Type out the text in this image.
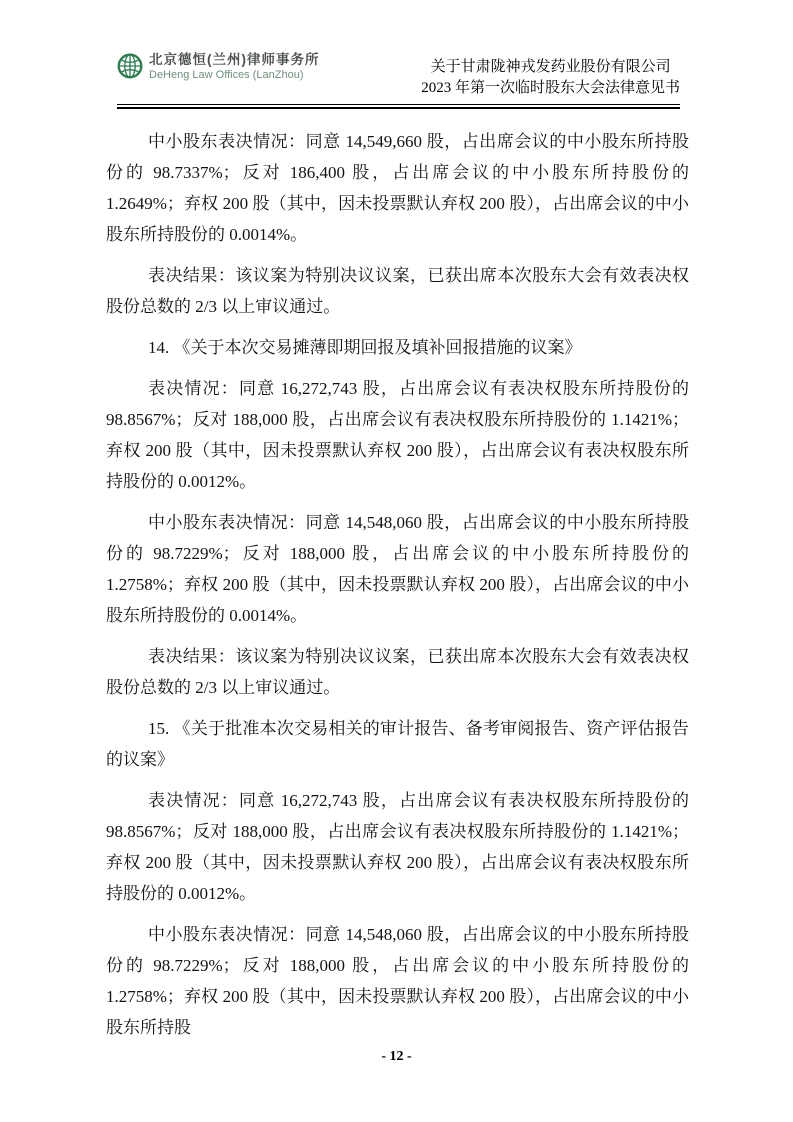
北京德恒(兰州)律师事务所
DeHeng Law Offices (LanZhou)	关于甘肃陇神戎发药业股份有限公司
2023 年第一次临时股东大会法律意见书

中小股东表决情况：同意 14,549,660 股，占出席会议的中小股东所持股份的 98.7337%；反对 186,400 股，占出席会议的中小股东所持股份的 1.2649%；弃权 200 股（其中，因未投票默认弃权 200 股），占出席会议的中小股东所持股份的 0.0014%。

表决结果：该议案为特别决议议案，已获出席本次股东大会有效表决权股份总数的 2/3 以上审议通过。

14. 《关于本次交易摊薄即期回报及填补回报措施的议案》

表决情况：同意 16,272,743 股，占出席会议有表决权股东所持股份的 98.8567%；反对 188,000 股，占出席会议有表决权股东所持股份的 1.1421%；弃权 200 股（其中，因未投票默认弃权 200 股），占出席会议有表决权股东所持股份的 0.0012%。

中小股东表决情况：同意 14,548,060 股，占出席会议的中小股东所持股份的 98.7229%；反对 188,000 股，占出席会议的中小股东所持股份的 1.2758%；弃权 200 股（其中，因未投票默认弃权 200 股），占出席会议的中小股东所持股份的 0.0014%。

表决结果：该议案为特别决议议案，已获出席本次股东大会有效表决权股份总数的 2/3 以上审议通过。

15. 《关于批准本次交易相关的审计报告、备考审阅报告、资产评估报告的议案》

表决情况：同意 16,272,743 股，占出席会议有表决权股东所持股份的 98.8567%；反对 188,000 股，占出席会议有表决权股东所持股份的 1.1421%；弃权 200 股（其中，因未投票默认弃权 200 股），占出席会议有表决权股东所持股份的 0.0012%。

中小股东表决情况：同意 14,548,060 股，占出席会议的中小股东所持股份的 98.7229%；反对 188,000 股，占出席会议的中小股东所持股份的 1.2758%；弃权 200 股（其中，因未投票默认弃权 200 股），占出席会议的中小股东所持股

- 12 -
